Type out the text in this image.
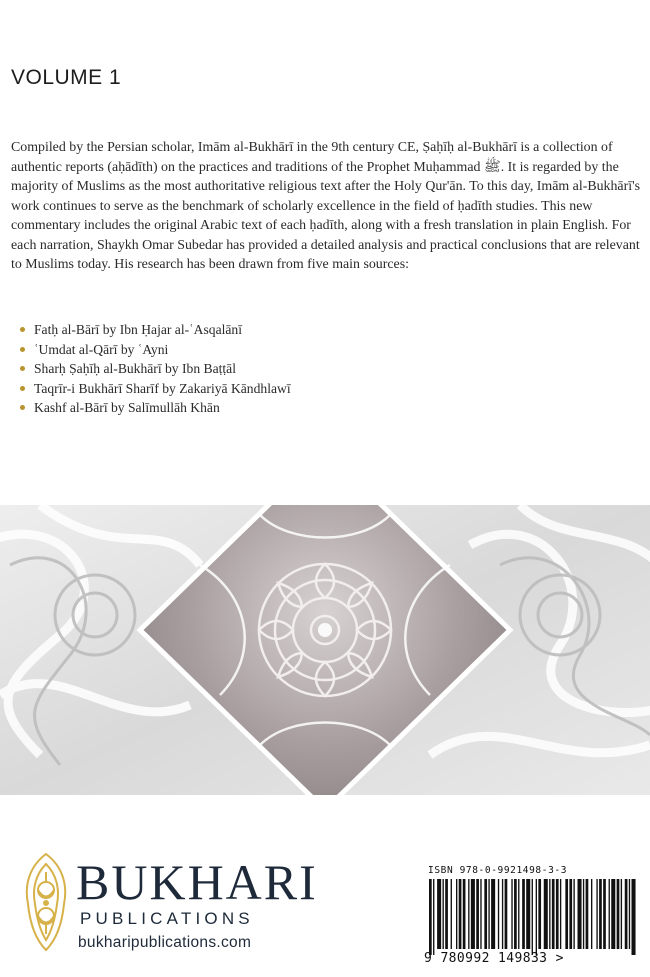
VOLUME 1

Compiled by the Persian scholar, Imām al-Bukhārī in the 9th century CE, Ṣaḥīḥ al-Bukhārī is a collection of authentic reports (aḥādīth) on the practices and traditions of the Prophet Muḥammad ﷺ. It is regarded by the majority of Muslims as the most authoritative religious text after the Holy Qur'ān. To this day, Imām al-Bukhārī's work continues to serve as the benchmark of scholarly excellence in the field of ḥadīth studies. This new commentary includes the original Arabic text of each ḥadīth, along with a fresh translation in plain English. For each narration, Shaykh Omar Subedar has provided a detailed analysis and practical conclusions that are relevant to Muslims today. His research has been drawn from five main sources:

Fatḥ al-Bārī by Ibn Ḥajar al-ʿAsqalānī
ʿUmdat al-Qārī by ʿAyni
Sharḥ Ṣaḥīḥ al-Bukhārī by Ibn Baṭṭāl
Taqrīr-i Bukhārī Sharīf by Zakariyā Kāndhlawī
Kashf al-Bārī by Salīmullāh Khān
BUKHARI
PUBLICATIONS
bukharipublications.com
ISBN 978-0-9921498-3-3
9 780992 149833 >
